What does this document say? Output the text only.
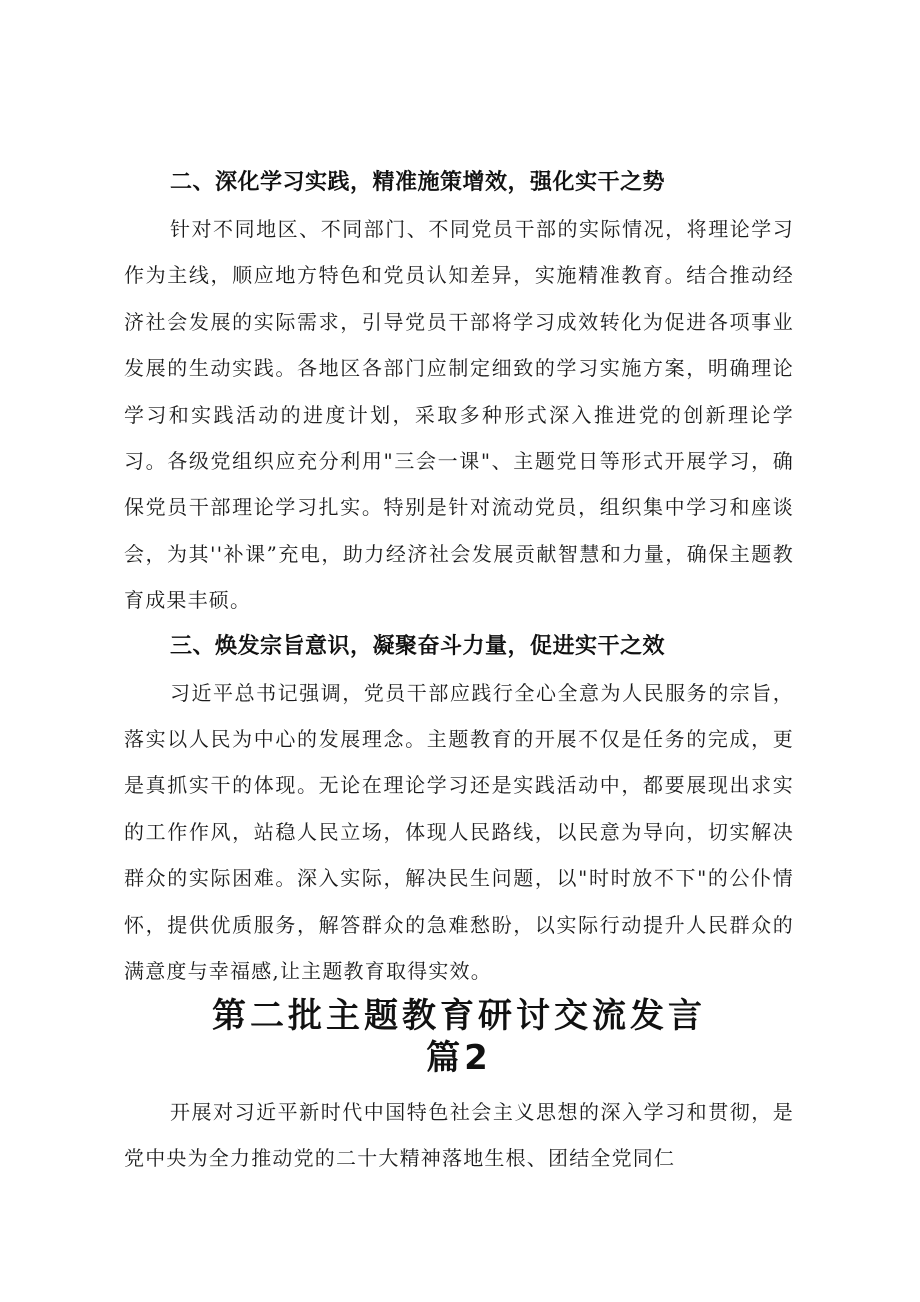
二、深化学习实践，精准施策增效，强化实干之势

针对不同地区、不同部门、不同党员干部的实际情况，将理论学习作为主线，顺应地方特色和党员认知差异，实施精准教育。结合推动经济社会发展的实际需求，引导党员干部将学习成效转化为促进各项事业发展的生动实践。各地区各部门应制定细致的学习实施方案，明确理论学习和实践活动的进度计划，采取多种形式深入推进党的创新理论学习。各级党组织应充分利用"三会一课"、主题党日等形式开展学习，确保党员干部理论学习扎实。特别是针对流动党员，组织集中学习和座谈会，为其''补课”充电，助力经济社会发展贡献智慧和力量，确保主题教育成果丰硕。

三、焕发宗旨意识，凝聚奋斗力量，促进实干之效

习近平总书记强调，党员干部应践行全心全意为人民服务的宗旨，落实以人民为中心的发展理念。主题教育的开展不仅是任务的完成，更是真抓实干的体现。无论在理论学习还是实践活动中，都要展现出求实的工作作风，站稳人民立场，体现人民路线，以民意为导向，切实解决群众的实际困难。深入实际，解决民生问题，以"时时放不下"的公仆情怀，提供优质服务，解答群众的急难愁盼，以实际行动提升人民群众的满意度与幸福感,让主题教育取得实效。

第二批主题教育研讨交流发言
篇2

开展对习近平新时代中国特色社会主义思想的深入学习和贯彻，是党中央为全力推动党的二十大精神落地生根、团结全党同仁
